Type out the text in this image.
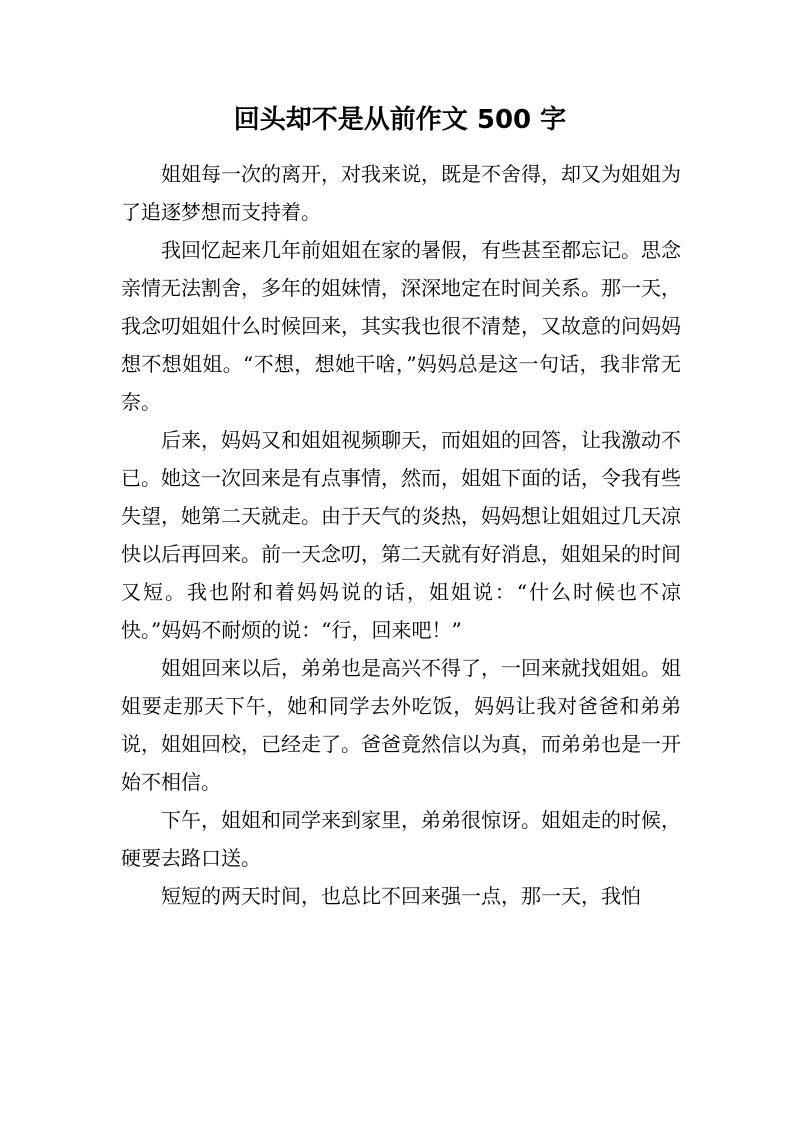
回头却不是从前作文 500 字

姐姐每一次的离开，对我来说，既是不舍得，却又为姐姐为了追逐梦想而支持着。

我回忆起来几年前姐姐在家的暑假，有些甚至都忘记。思念亲情无法割舍，多年的姐妹情，深深地定在时间关系。那一天，我念叨姐姐什么时候回来，其实我也很不清楚，又故意的问妈妈想不想姐姐。“不想，想她干啥，”妈妈总是这一句话，我非常无奈。

后来，妈妈又和姐姐视频聊天，而姐姐的回答，让我激动不已。她这一次回来是有点事情，然而，姐姐下面的话，令我有些失望，她第二天就走。由于天气的炎热，妈妈想让姐姐过几天凉快以后再回来。前一天念叨，第二天就有好消息，姐姐呆的时间又短。我也附和着妈妈说的话，姐姐说：“什么时候也不凉快。”妈妈不耐烦的说：“行，回来吧！”

姐姐回来以后，弟弟也是高兴不得了，一回来就找姐姐。姐姐要走那天下午，她和同学去外吃饭，妈妈让我对爸爸和弟弟说，姐姐回校，已经走了。爸爸竟然信以为真，而弟弟也是一开始不相信。

下午，姐姐和同学来到家里，弟弟很惊讶。姐姐走的时候，硬要去路口送。

短短的两天时间，也总比不回来强一点，那一天，我怕
